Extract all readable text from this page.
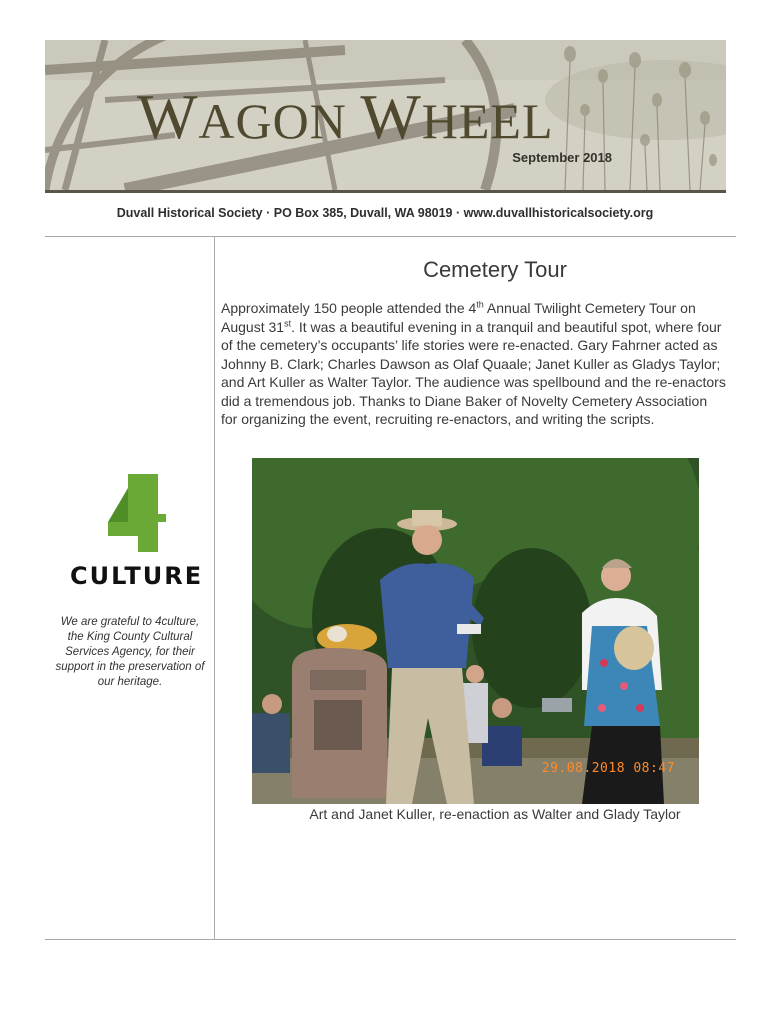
WAGON WHEEL
September 2018
Duvall Historical Society · PO Box 385, Duvall, WA 98019 · www.duvallhistoricalsociety.org
4
CULTURE
We are grateful to 4culture, the King County Cultural Services Agency, for their support in the preservation of our heritage.
Cemetery Tour

Approximately 150 people attended the 4th Annual Twilight Cemetery Tour on August 31st. It was a beautiful evening in a tranquil and beautiful spot, where four of the cemetery’s occupants’ life stories were re-enacted. Gary Fahrner acted as Johnny B. Clark; Charles Dawson as Olaf Quaale; Janet Kuller as Gladys Taylor; and Art Kuller as Walter Taylor. The audience was spellbound and the re-enactors did a tremendous job. Thanks to Diane Baker of Novelty Cemetery Association for organizing the event, recruiting re-enactors, and writing the scripts.

29.08.2018 08:47
Art and Janet Kuller, re-enaction as Walter and Glady Taylor
